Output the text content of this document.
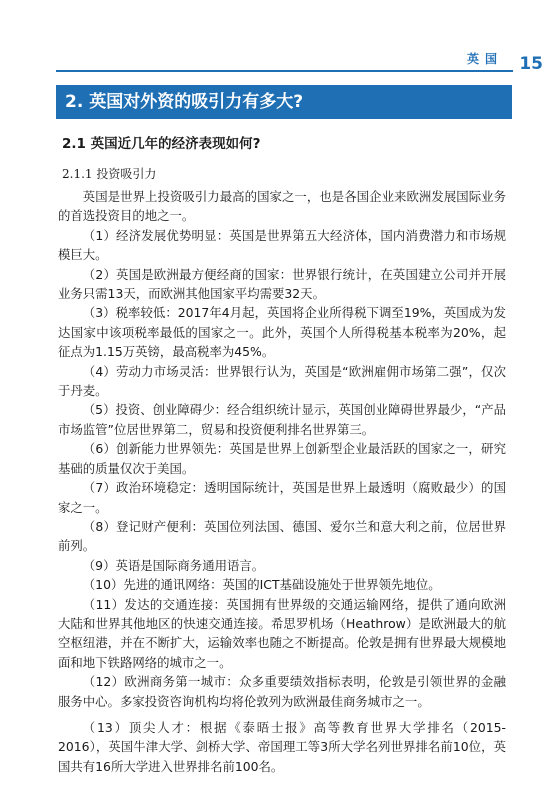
英国 15
2. 英国对外资的吸引力有多大?
2.1 英国近几年的经济表现如何?
2.1.1 投资吸引力

英国是世界上投资吸引力最高的国家之一，也是各国企业来欧洲发展国际业务的首选投资目的地之一。

（1）经济发展优势明显：英国是世界第五大经济体，国内消费潜力和市场规模巨大。

（2）英国是欧洲最方便经商的国家：世界银行统计，在英国建立公司并开展业务只需13天，而欧洲其他国家平均需要32天。

（3）税率较低：2017年4月起，英国将企业所得税下调至19%，英国成为发达国家中该项税率最低的国家之一。此外，英国个人所得税基本税率为20%，起征点为1.15万英镑，最高税率为45%。

（4）劳动力市场灵活：世界银行认为，英国是“欧洲雇佣市场第二强”，仅次于丹麦。

（5）投资、创业障碍少：经合组织统计显示，英国创业障碍世界最少，“产品市场监管”位居世界第二，贸易和投资便利排名世界第三。

（6）创新能力世界领先：英国是世界上创新型企业最活跃的国家之一，研究基础的质量仅次于美国。

（7）政治环境稳定：透明国际统计，英国是世界上最透明（腐败最少）的国家之一。

（8）登记财产便利：英国位列法国、德国、爱尔兰和意大利之前，位居世界前列。

（9）英语是国际商务通用语言。

（10）先进的通讯网络：英国的ICT基础设施处于世界领先地位。

（11）发达的交通连接：英国拥有世界级的交通运输网络，提供了通向欧洲大陆和世界其他地区的快速交通连接。希思罗机场（Heathrow）是欧洲最大的航空枢纽港，并在不断扩大，运输效率也随之不断提高。伦敦是拥有世界最大规模地面和地下铁路网络的城市之一。

（12）欧洲商务第一城市：众多重要绩效指标表明，伦敦是引领世界的金融服务中心。多家投资咨询机构均将伦敦列为欧洲最佳商务城市之一。

（13）顶尖人才：根据《泰晤士报》高等教育世界大学排名（2015-2016），英国牛津大学、剑桥大学、帝国理工等3所大学名列世界排名前10位，英国共有16所大学进入世界排名前100名。
